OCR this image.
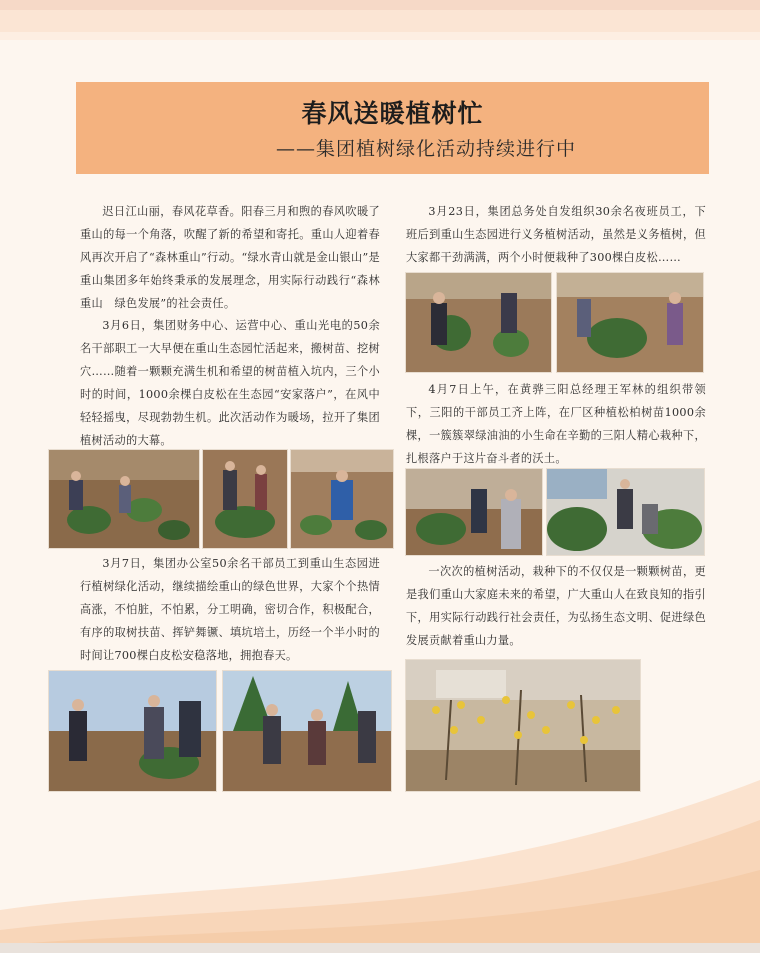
春风送暖植树忙
——集团植树绿化活动持续进行中

迟日江山丽，春风花草香。阳春三月和煦的春风吹暖了重山的每一个角落，吹醒了新的希望和寄托。重山人迎着春风再次开启了“森林重山”行动。“绿水青山就是金山银山”是重山集团多年始终秉承的发展理念，用实际行动践行“森林重山　绿色发展”的社会责任。

3月6日，集团财务中心、运营中心、重山光电的50余名干部职工一大早便在重山生态园忙活起来，搬树苗、挖树穴……随着一颗颗充满生机和希望的树苗植入坑内，三个小时的时间，1000余棵白皮松在生态园“安家落户”，在风中轻轻摇曳，尽现勃勃生机。此次活动作为暖场，拉开了集团植树活动的大幕。

3月7日，集团办公室50余名干部员工到重山生态园进行植树绿化活动，继续描绘重山的绿色世界，大家个个热情高涨，不怕脏，不怕累，分工明确，密切合作，积极配合，有序的取树扶苗、挥铲舞镢、填坑培土，历经一个半小时的时间让700棵白皮松安稳落地，拥抱春天。

3月23日，集团总务处自发组织30余名夜班员工，下班后到重山生态园进行义务植树活动，虽然是义务植树，但大家都干劲满满，两个小时便栽种了300棵白皮松……

4月7日上午，在黄骅三阳总经理王军林的组织带领下，三阳的干部员工齐上阵，在厂区种植松柏树苗1000余棵，一簇簇翠绿油油的小生命在辛勤的三阳人精心栽种下，扎根落户于这片奋斗者的沃土。

一次次的植树活动，栽种下的不仅仅是一颗颗树苗，更是我们重山大家庭未来的希望，广大重山人在致良知的指引下，用实际行动践行社会责任，为弘扬生态文明、促进绿色发展贡献着重山力量。
